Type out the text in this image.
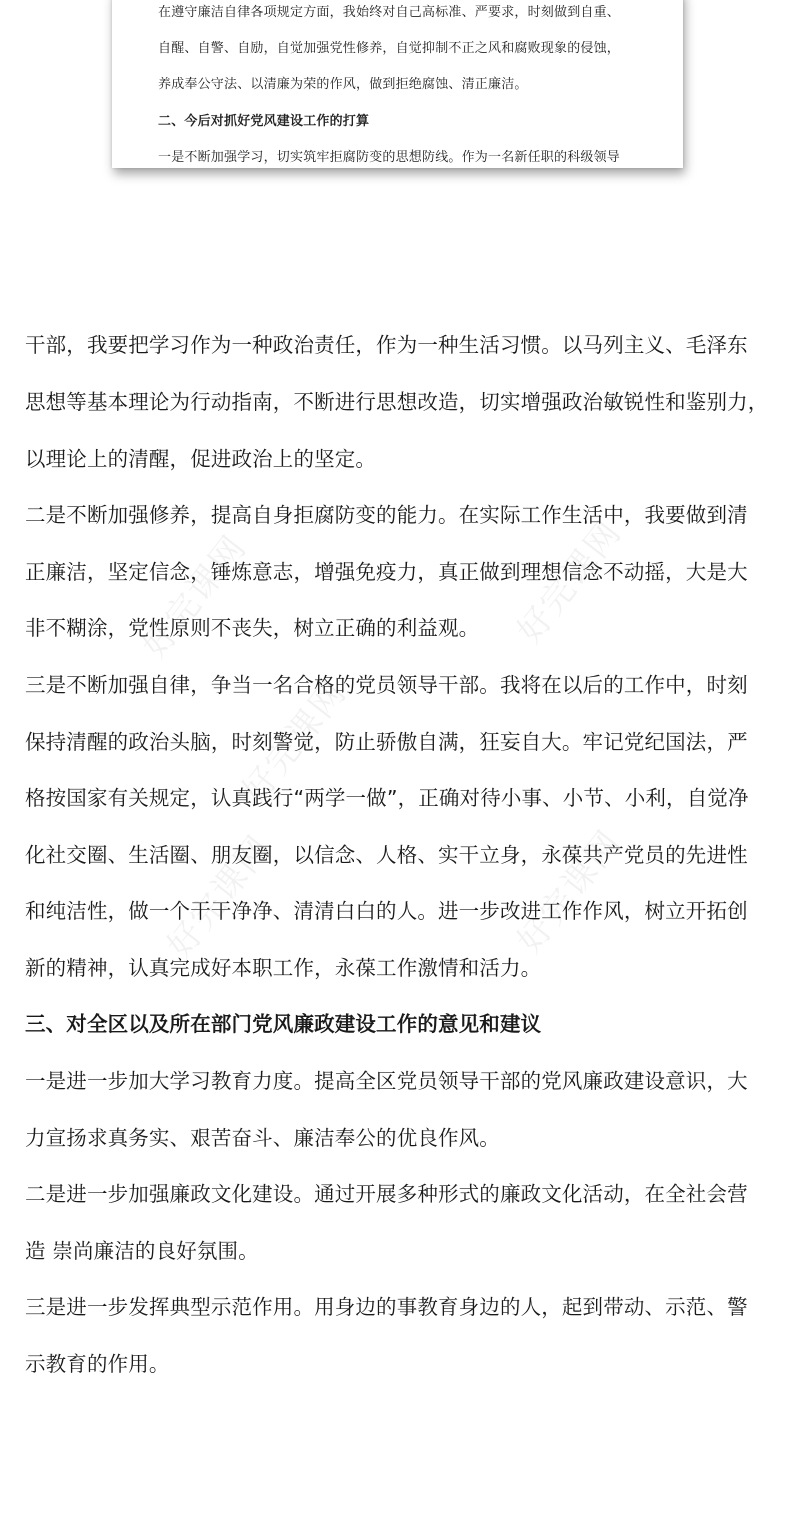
在遵守廉洁自律各项规定方面，我始终对自己高标准、严要求，时刻做到自重、
自醒、自警、自励，自觉加强党性修养，自觉抑制不正之风和腐败现象的侵蚀，
养成奉公守法、以清廉为荣的作风，做到拒绝腐蚀、清正廉洁。
二、今后对抓好党风建设工作的打算
一是不断加强学习，切实筑牢拒腐防变的思想防线。作为一名新任职的科级领导
好完课网	好完课网
好完课网
好完课网	好完课网
干部，我要把学习作为一种政治责任，作为一种生活习惯。以马列主义、毛泽东
思想等基本理论为行动指南，不断进行思想改造，切实增强政治敏锐性和鉴别力，
以理论上的清醒，促进政治上的坚定。
二是不断加强修养，提高自身拒腐防变的能力。在实际工作生活中，我要做到清
正廉洁，坚定信念，锤炼意志，增强免疫力，真正做到理想信念不动摇，大是大
非不糊涂，党性原则不丧失，树立正确的利益观。
三是不断加强自律，争当一名合格的党员领导干部。我将在以后的工作中，时刻
保持清醒的政治头脑，时刻警觉，防止骄傲自满，狂妄自大。牢记党纪国法，严
格按国家有关规定，认真践行“两学一做”，正确对待小事、小节、小利，自觉净
化社交圈、生活圈、朋友圈，以信念、人格、实干立身，永葆共产党员的先进性
和纯洁性，做一个干干净净、清清白白的人。进一步改进工作作风，树立开拓创
新的精神，认真完成好本职工作，永葆工作激情和活力。
三、对全区以及所在部门党风廉政建设工作的意见和建议
一是进一步加大学习教育力度。提高全区党员领导干部的党风廉政建设意识，大
力宣扬求真务实、艰苦奋斗、廉洁奉公的优良作风。
二是进一步加强廉政文化建设。通过开展多种形式的廉政文化活动，在全社会营
造 崇尚廉洁的良好氛围。
三是进一步发挥典型示范作用。用身边的事教育身边的人，起到带动、示范、警
示教育的作用。
